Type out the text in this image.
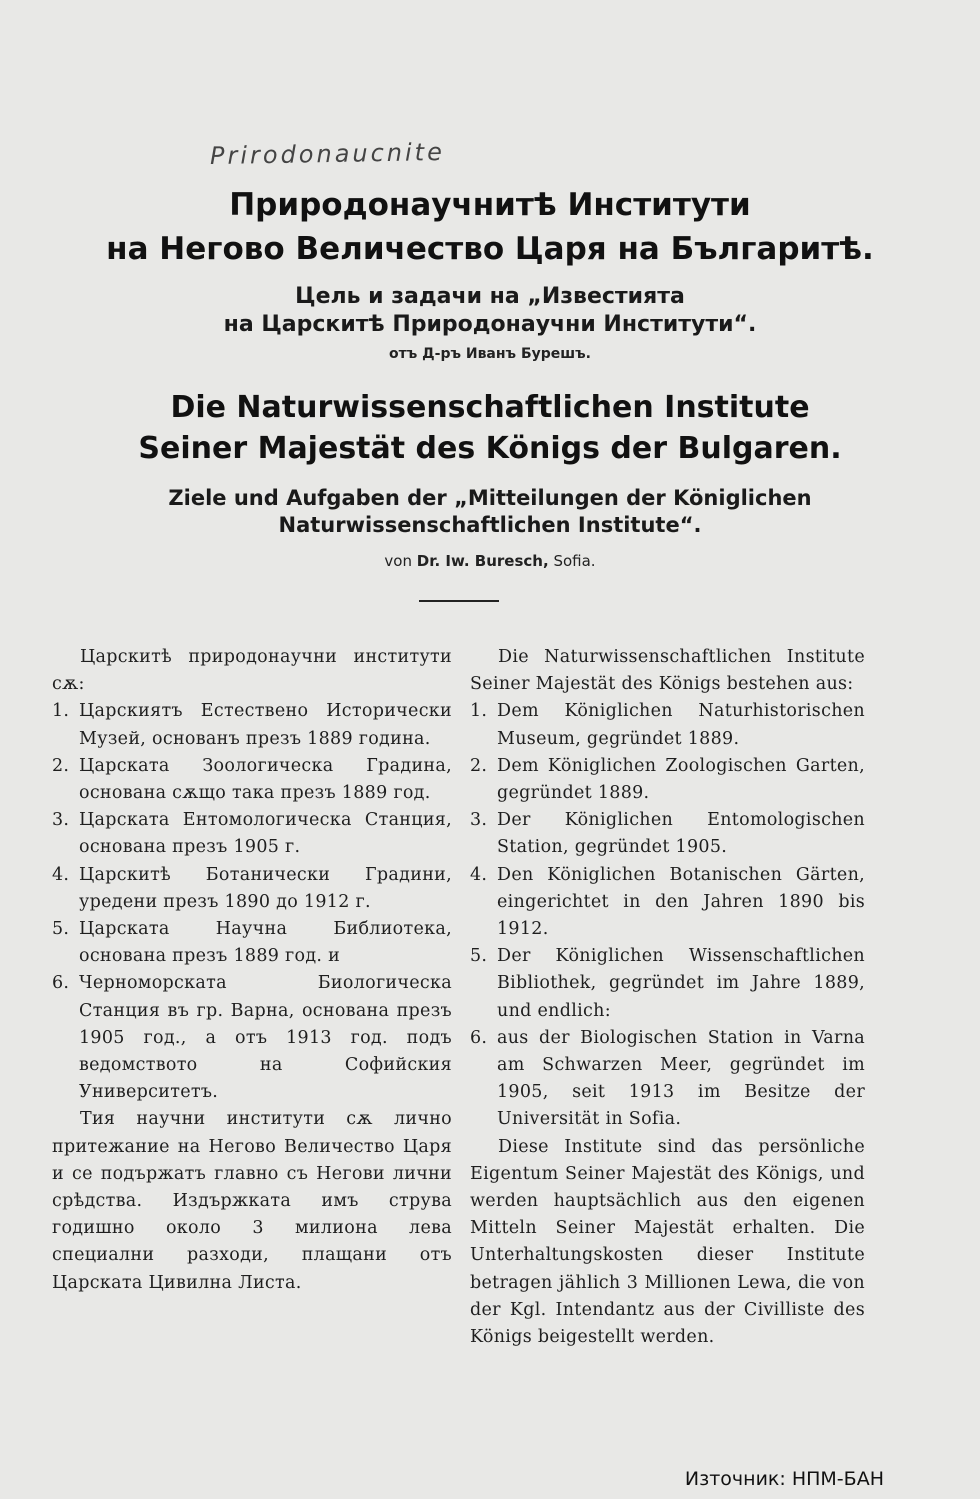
Prirodonaucnite
Природонаучнитѣ Институти
на Негово Величество Царя на Българитѣ.
Цель и задачи на „Известията
на Царскитѣ Природонаучни Институти“.
отъ Д-ръ Иванъ Бурешъ.
Die Naturwissenschaftlichen Institute
Seiner Majestät des Königs der Bulgaren.
Ziele und Aufgaben der „Mitteilungen der Königlichen
Naturwissenschaftlichen Institute“.
von Dr. Iw. Buresch, Sofia.

Царскитѣ природонаучни институти сѫ:

1. Царскиятъ Естествено Исторически Музей, основанъ презъ 1889 година.
2. Царската Зоологическа Градина, основана сѫщо така презъ 1889 год.
3. Царската Ентомологическа Станция, основана презъ 1905 г.
4. Царскитѣ Ботанически Градини, уредени презъ 1890 до 1912 г.
5. Царската Научна Библиотека, основана презъ 1889 год. и
6. Черноморската Биологическа Станция въ гр. Варна, основана презъ 1905 год., а отъ 1913 год. подъ ведомството на Софийския Университетъ.

Тия научни институти сѫ лично притежание на Негово Величество Царя и се подържатъ главно съ Негови лични срѣдства. Издържката имъ струва годишно около 3 милиона лева специални разходи, плащани отъ Царската Цивилна Листа.

Die Naturwissenschaftlichen Institute Seiner Majestät des Königs bestehen aus:

1. Dem Königlichen Naturhistorischen Museum, gegründet 1889.
2. Dem Königlichen Zoologischen Garten, gegründet 1889.
3. Der Königlichen Entomologischen Station, gegründet 1905.
4. Den Königlichen Botanischen Gärten, eingerichtet in den Jahren 1890 bis 1912.
5. Der Königlichen Wissenschaftlichen Bibliothek, gegründet im Jahre 1889, und endlich:
6. aus der Biologischen Station in Varna am Schwarzen Meer, gegründet im 1905, seit 1913 im Besitze der Universität in Sofia.

Diese Institute sind das persönliche Eigentum Seiner Majestät des Königs, und werden hauptsächlich aus den eigenen Mitteln Seiner Majestät erhalten. Die Unterhaltungskosten dieser Institute betragen jählich 3 Millionen Lewa, die von der Kgl. Intendantz aus der Civilliste des Königs beigestellt werden.

Източник: НПМ-БАН
